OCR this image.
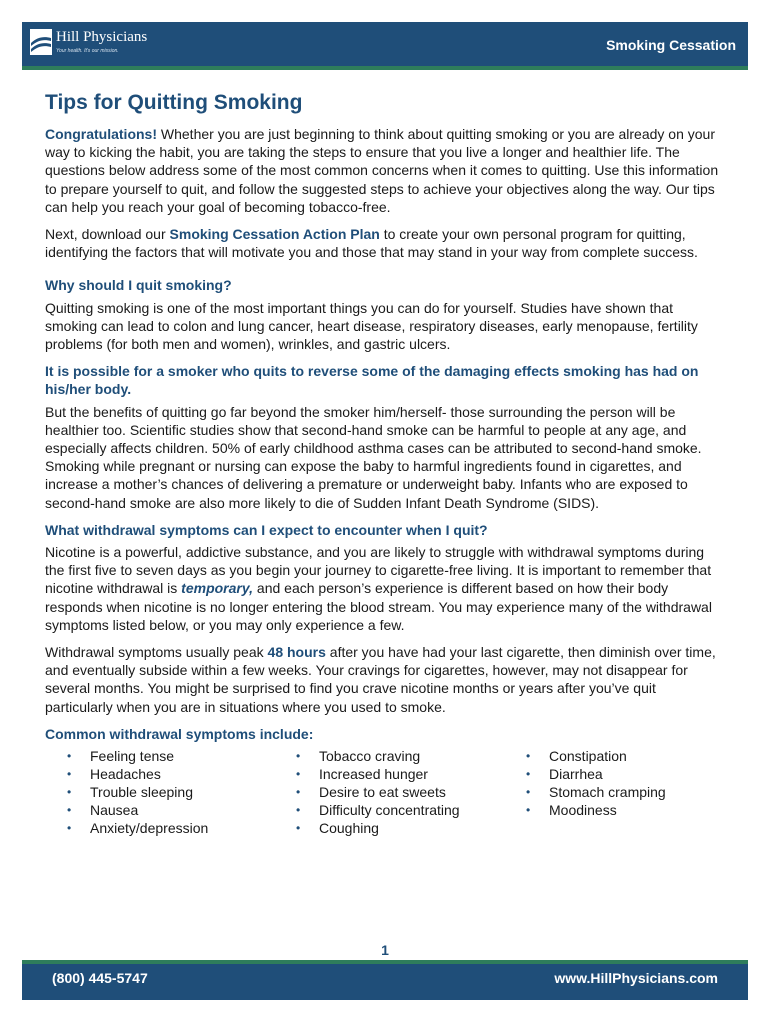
Hill Physicians
Your health. It's our mission.	Smoking Cessation
Tips for Quitting Smoking

Congratulations! Whether you are just beginning to think about quitting smoking or you are already on your way to kicking the habit, you are taking the steps to ensure that you live a longer and healthier life. The questions below address some of the most common concerns when it comes to quitting. Use this information to prepare yourself to quit, and follow the suggested steps to achieve your objectives along the way. Our tips can help you reach your goal of becoming tobacco-free.

Next, download our Smoking Cessation Action Plan to create your own personal program for quitting, identifying the factors that will motivate you and those that may stand in your way from complete success.

Why should I quit smoking?

Quitting smoking is one of the most important things you can do for yourself. Studies have shown that smoking can lead to colon and lung cancer, heart disease, respiratory diseases, early menopause, fertility problems (for both men and women), wrinkles, and gastric ulcers.

It is possible for a smoker who quits to reverse some of the damaging effects smoking has had on his/her body.

But the benefits of quitting go far beyond the smoker him/herself- those surrounding the person will be healthier too. Scientific studies show that second-hand smoke can be harmful to people at any age, and especially affects children. 50% of early childhood asthma cases can be attributed to second-hand smoke. Smoking while pregnant or nursing can expose the baby to harmful ingredients found in cigarettes, and increase a mother’s chances of delivering a premature or underweight baby. Infants who are exposed to second-hand smoke are also more likely to die of Sudden Infant Death Syndrome (SIDS).

What withdrawal symptoms can I expect to encounter when I quit?

Nicotine is a powerful, addictive substance, and you are likely to struggle with withdrawal symptoms during the first five to seven days as you begin your journey to cigarette-free living. It is important to remember that nicotine withdrawal is temporary, and each person’s experience is different based on how their body responds when nicotine is no longer entering the blood stream. You may experience many of the withdrawal symptoms listed below, or you may only experience a few.

Withdrawal symptoms usually peak 48 hours after you have had your last cigarette, then diminish over time, and eventually subside within a few weeks. Your cravings for cigarettes, however, may not disappear for several months. You might be surprised to find you crave nicotine months or years after you’ve quit particularly when you are in situations where you used to smoke.

Common withdrawal symptoms include:
• Feeling tense
• Headaches
• Trouble sleeping
• Nausea
• Anxiety/depression
• Tobacco craving
• Increased hunger
• Desire to eat sweets
• Difficulty concentrating
• Coughing
• Constipation
• Diarrhea
• Stomach cramping
• Moodiness
1
(800) 445-5747	www.HillPhysicians.com
